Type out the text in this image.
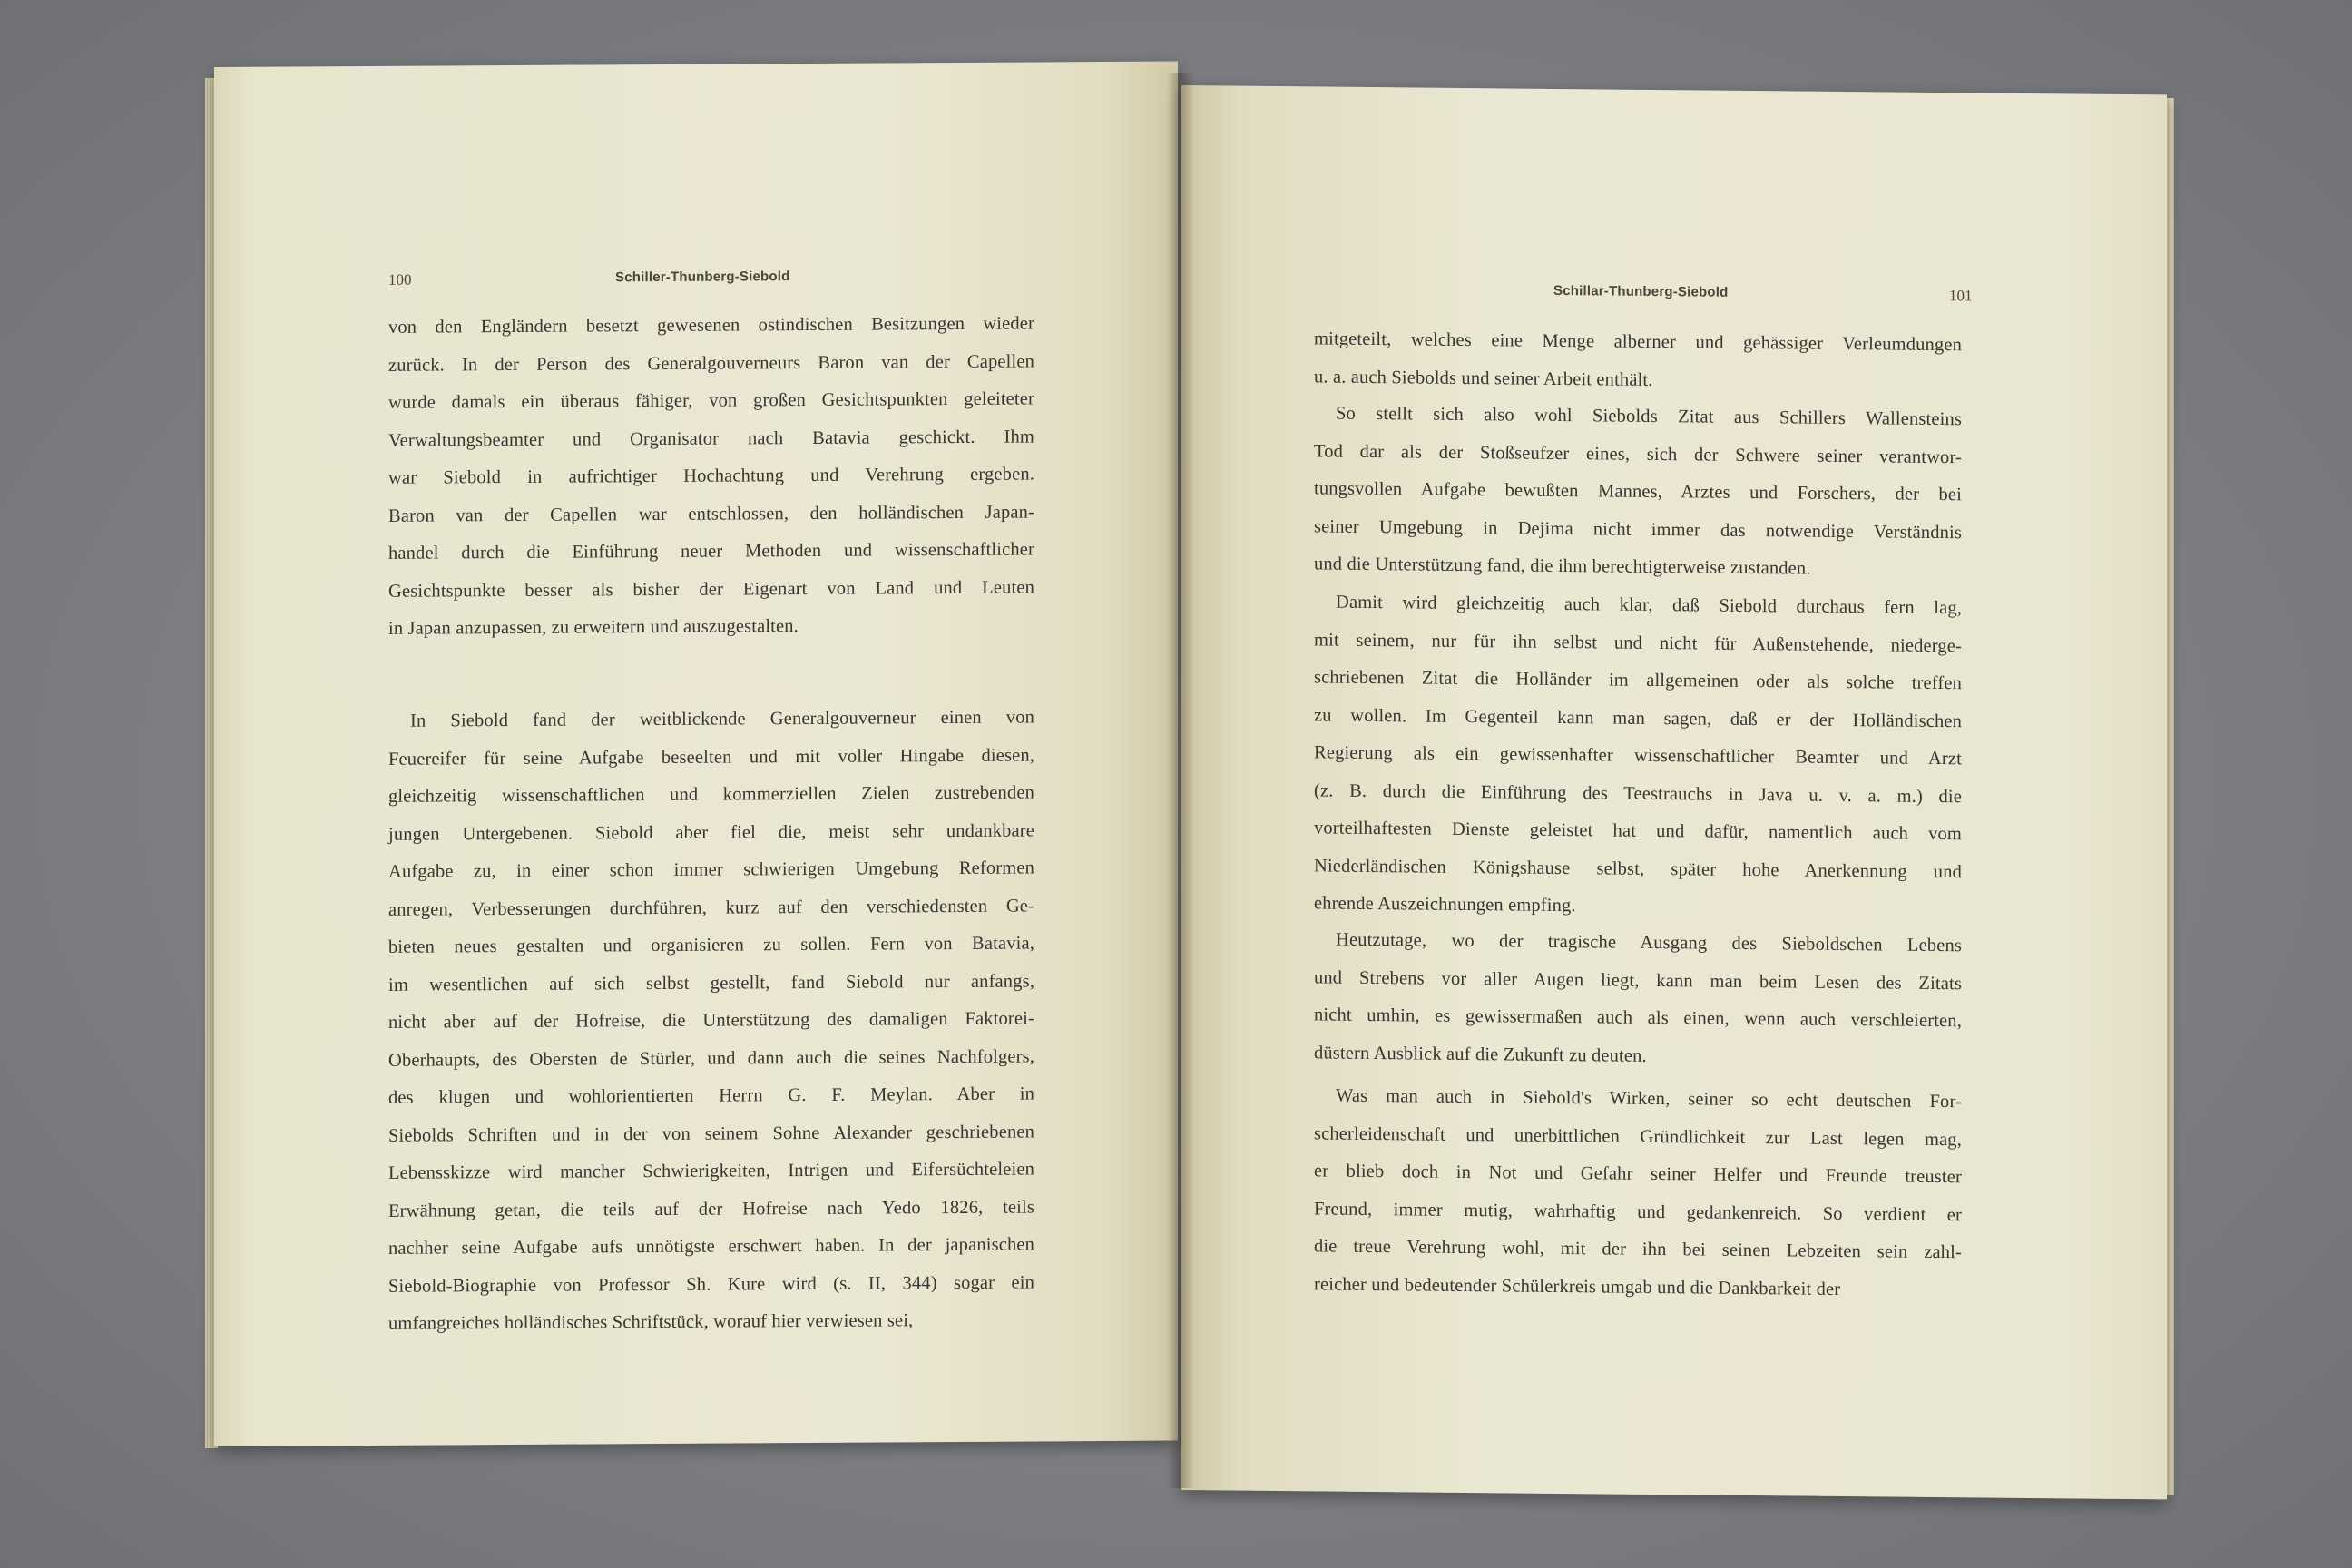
100	Schiller-Thunberg-Siebold
von den Engländern besetzt gewesenen ostindischen Besitzungen wieder
zurück. In der Person des Generalgouverneurs Baron van der Capellen
wurde damals ein überaus fähiger, von großen Gesichtspunkten geleiteter
Verwaltungsbeamter und Organisator nach Batavia geschickt. Ihm
war Siebold in aufrichtiger Hochachtung und Verehrung ergeben.
Baron van der Capellen war entschlossen, den holländischen Japan-
handel durch die Einführung neuer Methoden und wissenschaftlicher
Gesichtspunkte besser als bisher der Eigenart von Land und Leuten
in Japan anzupassen, zu erweitern und auszugestalten.
In Siebold fand der weitblickende Generalgouverneur einen von
Feuereifer für seine Aufgabe beseelten und mit voller Hingabe diesen,
gleichzeitig wissenschaftlichen und kommerziellen Zielen zustrebenden
jungen Untergebenen. Siebold aber fiel die, meist sehr undankbare
Aufgabe zu, in einer schon immer schwierigen Umgebung Reformen
anregen, Verbesserungen durchführen, kurz auf den verschiedensten Ge-
bieten neues gestalten und organisieren zu sollen. Fern von Batavia,
im wesentlichen auf sich selbst gestellt, fand Siebold nur anfangs,
nicht aber auf der Hofreise, die Unterstützung des damaligen Faktorei-
Oberhaupts, des Obersten de Stürler, und dann auch die seines Nachfolgers,
des klugen und wohlorientierten Herrn G. F. Meylan. Aber in
Siebolds Schriften und in der von seinem Sohne Alexander geschriebenen
Lebensskizze wird mancher Schwierigkeiten, Intrigen und Eifersüchteleien
Erwähnung getan, die teils auf der Hofreise nach Yedo 1826, teils
nachher seine Aufgabe aufs unnötigste erschwert haben. In der japanischen
Siebold-Biographie von Professor Sh. Kure wird (s. II, 344) sogar ein
umfangreiches holländisches Schriftstück, worauf hier verwiesen sei,
Schillar-Thunberg-Siebold	101
mitgeteilt, welches eine Menge alberner und gehässiger Verleumdungen
u. a. auch Siebolds und seiner Arbeit enthält.
So stellt sich also wohl Siebolds Zitat aus Schillers Wallensteins
Tod dar als der Stoßseufzer eines, sich der Schwere seiner verantwor-
tungsvollen Aufgabe bewußten Mannes, Arztes und Forschers, der bei
seiner Umgebung in Dejima nicht immer das notwendige Verständnis
und die Unterstützung fand, die ihm berechtigterweise zustanden.
Damit wird gleichzeitig auch klar, daß Siebold durchaus fern lag,
mit seinem, nur für ihn selbst und nicht für Außenstehende, niederge-
schriebenen Zitat die Holländer im allgemeinen oder als solche treffen
zu wollen. Im Gegenteil kann man sagen, daß er der Holländischen
Regierung als ein gewissenhafter wissenschaftlicher Beamter und Arzt
(z. B. durch die Einführung des Teestrauchs in Java u. v. a. m.) die
vorteilhaftesten Dienste geleistet hat und dafür, namentlich auch vom
Niederländischen Königshause selbst, später hohe Anerkennung und
ehrende Auszeichnungen empfing.
Heutzutage, wo der tragische Ausgang des Sieboldschen Lebens
und Strebens vor aller Augen liegt, kann man beim Lesen des Zitats
nicht umhin, es gewissermaßen auch als einen, wenn auch verschleierten,
düstern Ausblick auf die Zukunft zu deuten.
Was man auch in Siebold's Wirken, seiner so echt deutschen For-
scherleidenschaft und unerbittlichen Gründlichkeit zur Last legen mag,
er blieb doch in Not und Gefahr seiner Helfer und Freunde treuster
Freund, immer mutig, wahrhaftig und gedankenreich. So verdient er
die treue Verehrung wohl, mit der ihn bei seinen Lebzeiten sein zahl-
reicher und bedeutender Schülerkreis umgab und die Dankbarkeit der
